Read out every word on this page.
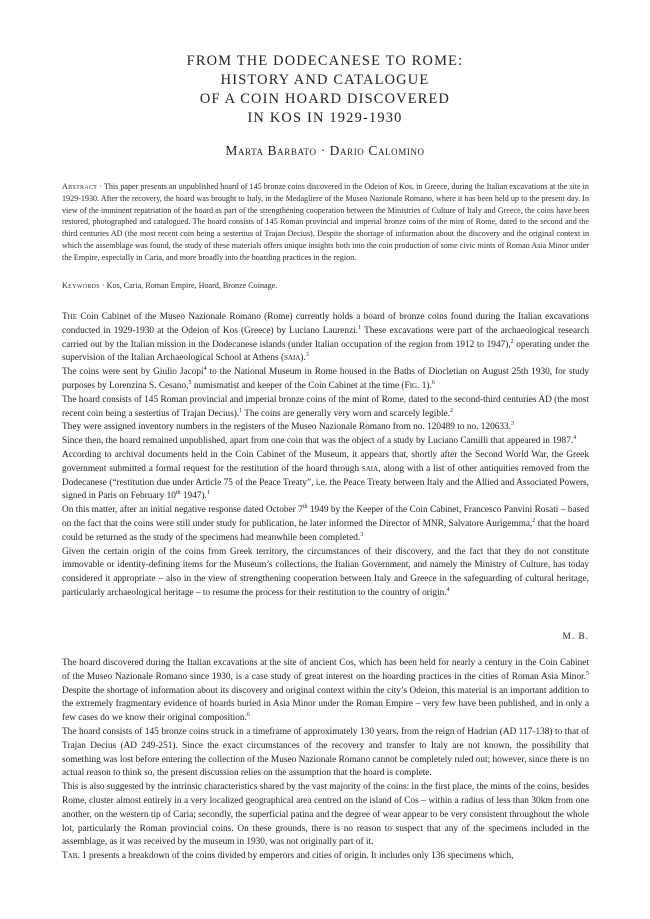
FROM THE DODECANESE TO ROME:
HISTORY AND CATALOGUE
OF A COIN HOARD DISCOVERED
IN KOS IN 1929-1930
Marta Barbato · Dario Calomino

Abstract · This paper presents an unpublished hoard of 145 bronze coins discovered in the Odeion of Kos, in Greece, during the Italian excavations at the site in 1929-1930. After the recovery, the hoard was brought to Italy, in the Medagliere of the Museo Nazionale Romano, where it has been held up to the present day. In view of the imminent repatriation of the hoard as part of the strengthening cooperation between the Ministries of Culture of Italy and Greece, the coins have been restored, photographed and catalogued. The hoard consists of 145 Roman provincial and imperial bronze coins of the mint of Rome, dated to the second and the third centuries AD (the most recent coin being a sestertius of Trajan Decius). Despite the shortage of information about the discovery and the original context in which the assemblage was found, the study of these materials offers unique insights both into the coin production of some civic mints of Roman Asia Minor under the Empire, especially in Caria, and more broadly into the hoarding practices in the region.

Keywords · Kos, Caria, Roman Empire, Hoard, Bronze Coinage.

The Coin Cabinet of the Museo Nazionale Romano (Rome) currently holds a board of bronze coins found during the Italian excavations conducted in 1929-1930 at the Odeion of Kos (Greece) by Luciano Laurenzi.$^1$ These excavations were part of the archaeological research carried out by the Italian mission in the Dodecanese islands (under Italian occupation of the region from 1912 to 1947),$^2$ operating under the supervision of the Italian Archaeological School at Athens (saia).$^3$

The coins were sent by Giulio Jacopi$^4$ to the National Museum in Rome housed in the Baths of Diocletian on August 25th 1930, for study purposes by Lorenzina S. Cesano,$^5$ numismatist and keeper of the Coin Cabinet at the time (Fig. 1).$^6$

The hoard consists of 145 Roman provincial and imperial bronze coins of the mint of Rome, dated to the second-third centuries AD (the most recent coin being a sestertius of Trajan Decius).$^1$ The coins are generally very worn and scarcely legible.$^2$

They were assigned inventory numbers in the registers of the Museo Nazionale Romano from no. 120489 to no. 120633.$^3$

Since then, the hoard remained unpublished, apart from one coin that was the object of a study by Luciano Camilli that appeared in 1987.$^4$

According to archival documents held in the Coin Cabinet of the Museum, it appears that, shortly after the Second World War, the Greek government submitted a formal request for the restitution of the hoard through saia, along with a list of other antiquities removed from the Dodecanese (“restitution due under Article 75 of the Peace Treaty”, i.e. the Peace Treaty between Italy and the Allied and Associated Powers, signed in Paris on February 10th 1947).$^1$

On this matter, after an initial negative response dated October 7th 1949 by the Keeper of the Coin Cabinet, Francesco Panvini Rosati – based on the fact that the coins were still under study for publication, he later informed the Director of MNR, Salvatore Aurigemma,$^2$ that the hoard could be returned as the study of the specimens had meanwhile been completed.$^3$

Given the certain origin of the coins from Greek territory, the circumstances of their discovery, and the fact that they do not constitute immovable or identity-defining items for the Museum’s collections, the Italian Government, and namely the Ministry of Culture, has today considered it appropriate – also in the view of strengthening cooperation between Italy and Greece in the safeguarding of cultural heritage, particularly archaeological heritage – to resume the process for their restitution to the country of origin.$^4$

M. B.

The hoard discovered during the Italian excavations at the site of ancient Cos, which has been held for nearly a century in the Coin Cabinet of the Museo Nazionale Romano since 1930, is a case study of great interest on the hoarding practices in the cities of Roman Asia Minor.$^5$ Despite the shortage of information about its discovery and original context within the city’s Odeion, this material is an important addition to the extremely fragmentary evidence of hoards buried in Asia Minor under the Roman Empire – very few have been published, and in only a few cases do we know their original composition.$^6$

The hoard consists of 145 bronze coins struck in a timeframe of approximately 130 years, from the reign of Hadrian (AD 117-138) to that of Trajan Decius (AD 249-251). Since the exact circumstances of the recovery and transfer to Italy are not known, the possibility that something was lost before entering the collection of the Museo Nazionale Romano cannot be completely ruled out; however, since there is no actual reason to think so, the present discussion relies on the assumption that the hoard is complete.

This is also suggested by the intrinsic characteristics shared by the vast majority of the coins: in the first place, the mints of the coins, besides Rome, cluster almost entirely in a very localized geographical area centred on the island of Cos – within a radius of less than 30km from one another, on the western tip of Caria; secondly, the superficial patina and the degree of wear appear to be very consistent throughout the whole lot, particularly the Roman provincial coins. On these grounds, there is no reason to suspect that any of the specimens included in the assemblage, as it was received by the museum in 1930, was not originally part of it.

Tab. 1 presents a breakdown of the coins divided by emperors and cities of origin. It includes only 136 specimens which,
